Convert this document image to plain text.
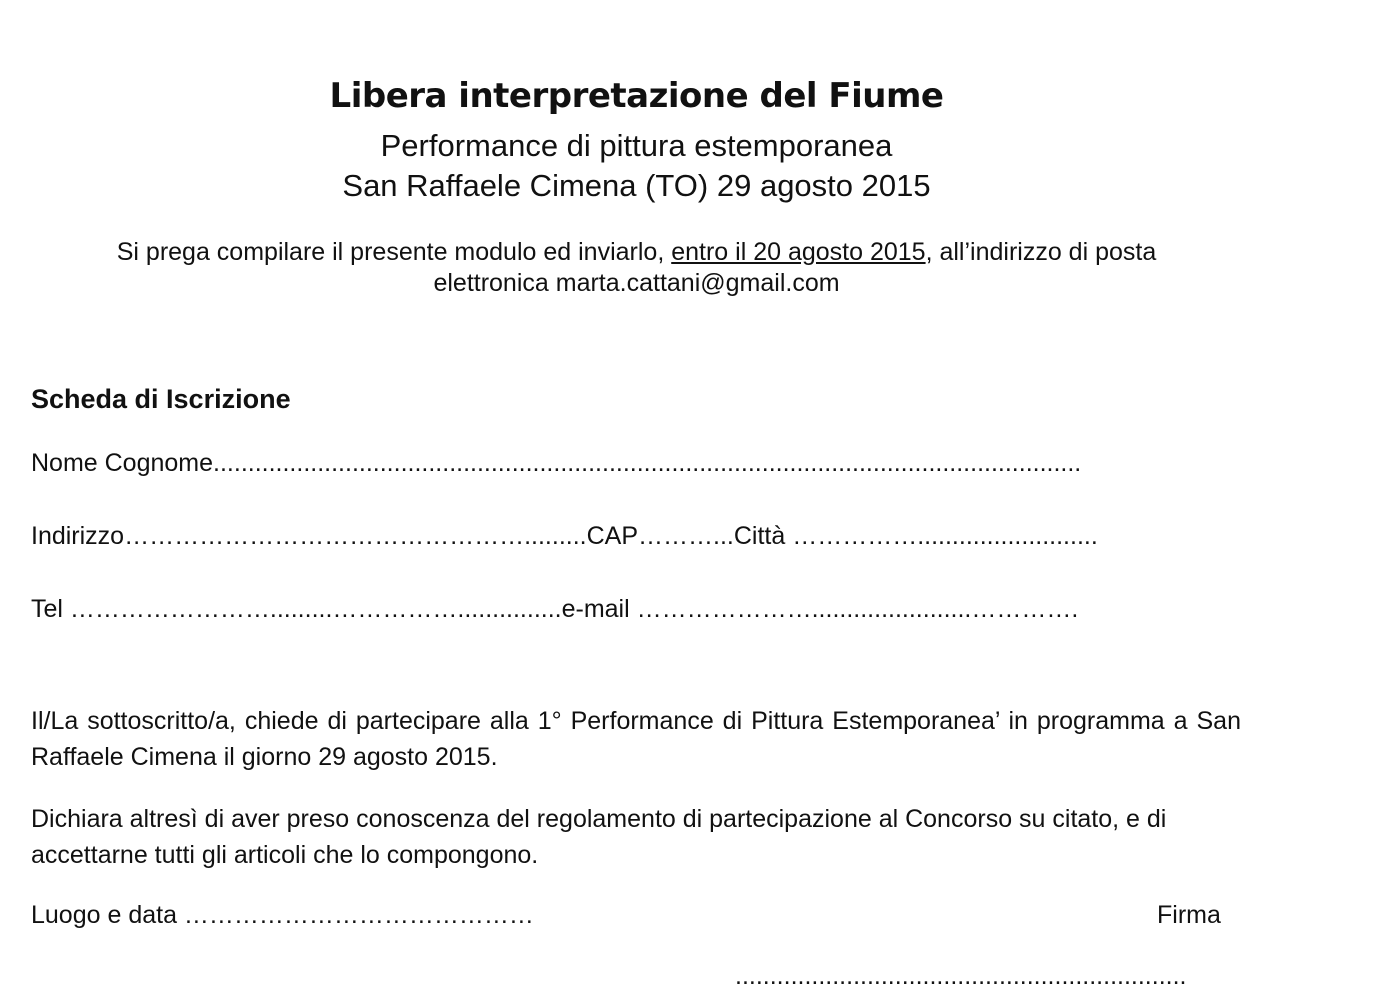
Libera interpretazione del Fiume
Performance di pittura estemporanea
San Raffaele Cimena (TO) 29 agosto 2015
Si prega compilare il presente modulo ed inviarlo, entro il 20 agosto 2015, all’indirizzo di posta
elettronica marta.cattani@gmail.com
Scheda di Iscrizione
Nome Cognome.............................................................................................................................
Indirizzo………………………………………….........CAP………...Città ……………..........................
Tel …………………….........……………...............e-mail ………………….......................………….
Il/La sottoscritto/a, chiede di partecipare alla 1° Performance di Pittura Estemporanea’ in programma a San Raffaele Cimena il giorno 29 agosto 2015.
Dichiara altresì di aver preso conoscenza del regolamento di partecipazione al Concorso su citato, e di accettarne tutti gli articoli che lo compongono.
Luogo e data ……………………………………	Firma
.................................................................
